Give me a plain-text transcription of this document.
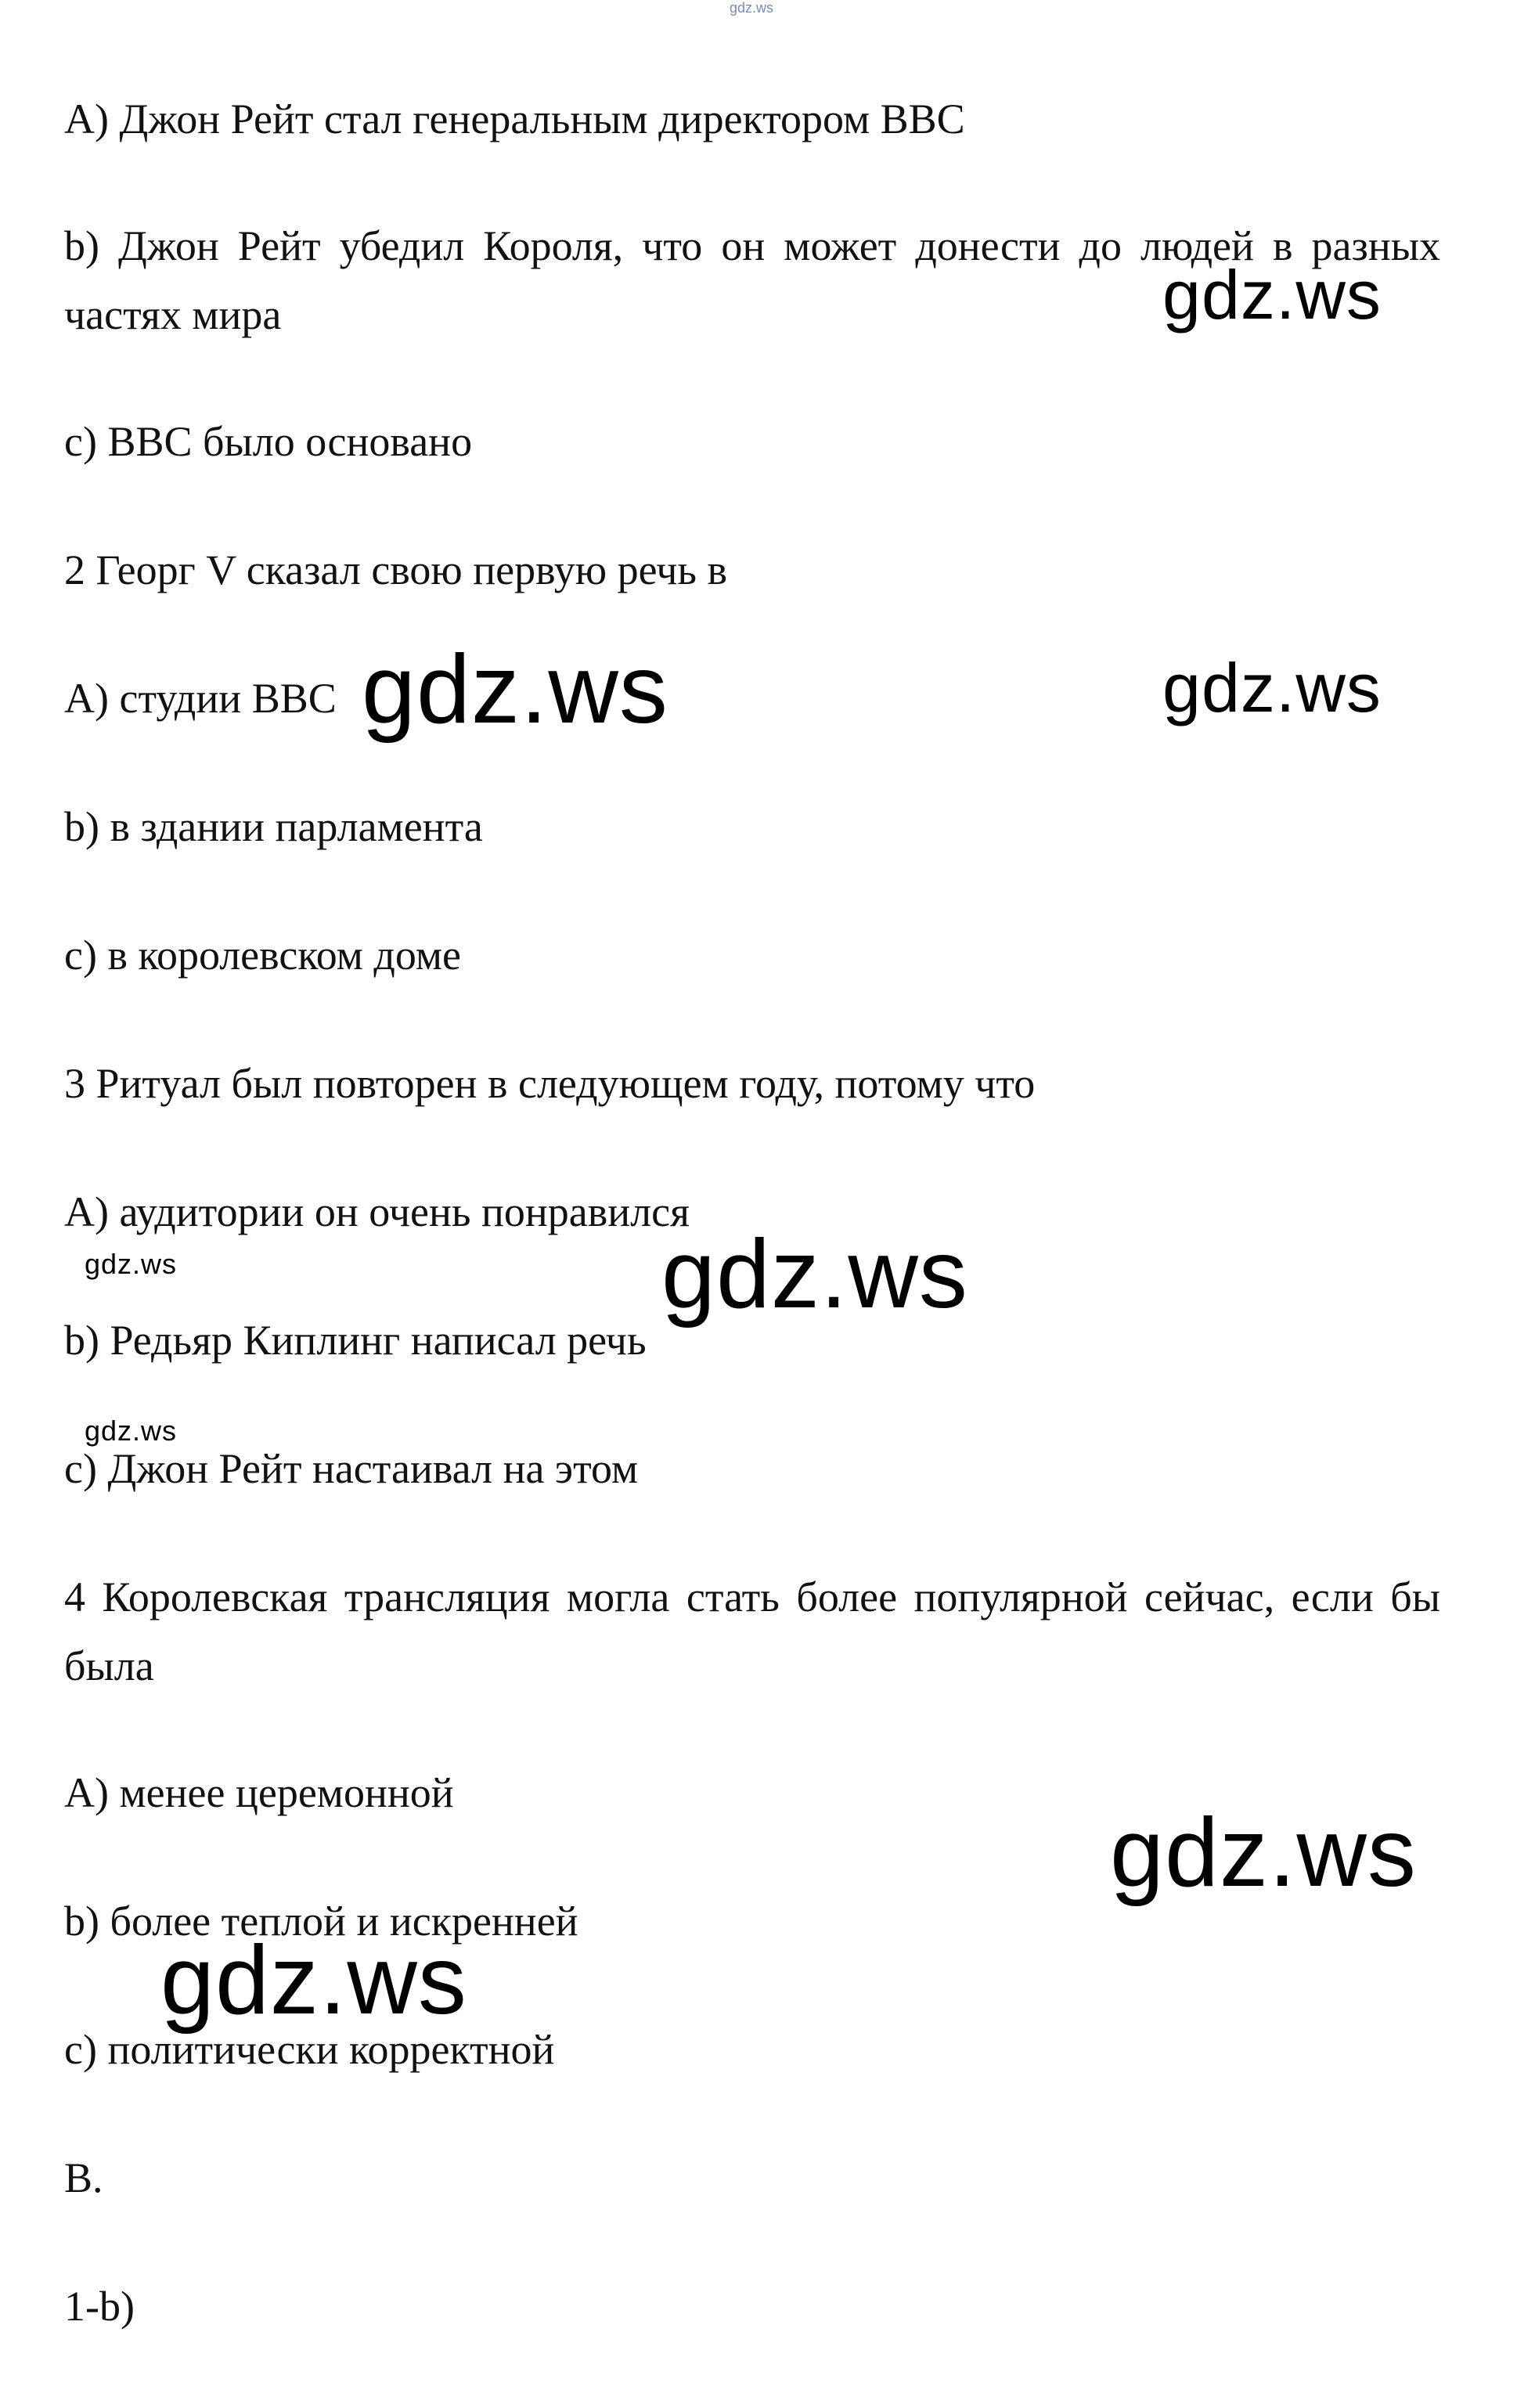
gdz.ws

A) Джон Рейт стал генеральным директором BBC

b) Джон Рейт убедил Короля, что он может донести до людей в разных частях мира

c) BBC было основано

2 Георг V сказал свою первую речь в

A) студии BBC

b) в здании парламента

c) в королевском доме

3 Ритуал был повторен в следующем году, потому что

A) аудитории он очень понравился

b) Редьяр Киплинг написал речь

c) Джон Рейт настаивал на этом

4 Королевская трансляция могла стать более популярной сейчас, если бы была

A) менее церемонной

b) более теплой и искренней

c) политически корректной

B.

1-b)

gdz.ws
gdz.ws	gdz.ws
gdz.ws	gdz.ws
gdz.ws
gdz.ws
gdz.ws
